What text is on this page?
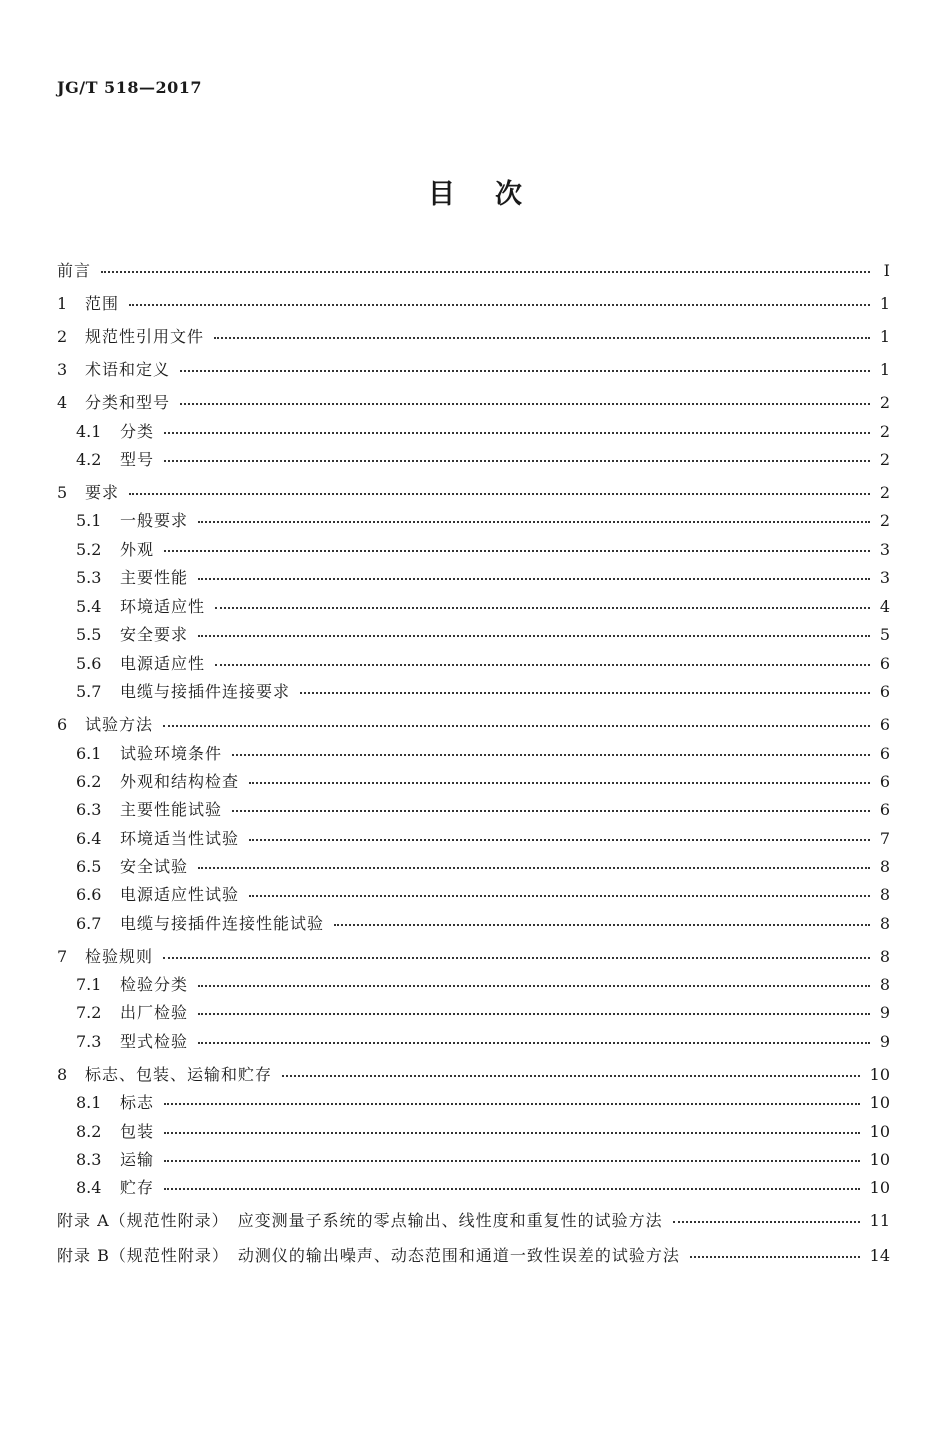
JG/T 518—2017
目次
前言	Ⅰ
1	范围	1
2	规范性引用文件	1
3	术语和定义	1
4	分类和型号	2
4.1	分类	2
4.2	型号	2
5	要求	2
5.1	一般要求	2
5.2	外观	3
5.3	主要性能	3
5.4	环境适应性	4
5.5	安全要求	5
5.6	电源适应性	6
5.7	电缆与接插件连接要求	6
6	试验方法	6
6.1	试验环境条件	6
6.2	外观和结构检查	6
6.3	主要性能试验	6
6.4	环境适当性试验	7
6.5	安全试验	8
6.6	电源适应性试验	8
6.7	电缆与接插件连接性能试验	8
7	检验规则	8
7.1	检验分类	8
7.2	出厂检验	9
7.3	型式检验	9
8	标志、包装、运输和贮存	10
8.1	标志	10
8.2	包装	10
8.3	运输	10
8.4	贮存	10
附录 A（规范性附录）　应变测量子系统的零点输出、线性度和重复性的试验方法	11
附录 B（规范性附录）　动测仪的输出噪声、动态范围和通道一致性误差的试验方法	14
